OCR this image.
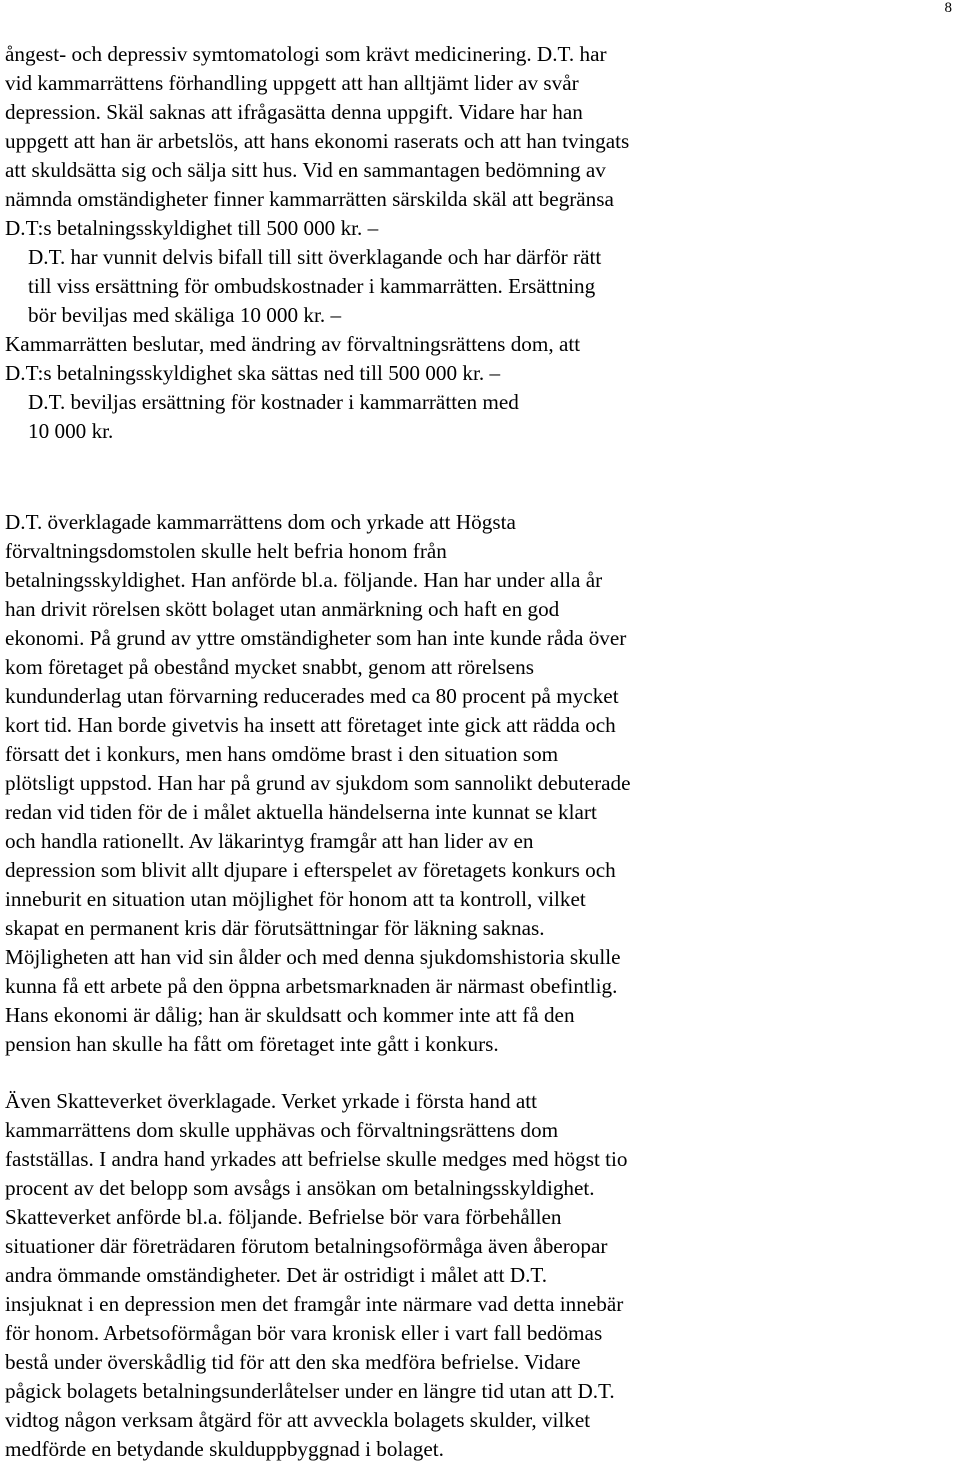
8
ångest- och depressiv symtomatologi som krävt medicinering. D.T. har
vid kammarrättens förhandling uppgett att han alltjämt lider av svår
depression. Skäl saknas att ifrågasätta denna uppgift. Vidare har han
uppgett att han är arbetslös, att hans ekonomi raserats och att han tvingats
att skuldsätta sig och sälja sitt hus. Vid en sammantagen bedömning av
nämnda omständigheter finner kammarrätten särskilda skäl att begränsa
D.T:s betalningsskyldighet till 500 000 kr. –
D.T. har vunnit delvis bifall till sitt överklagande och har därför rätt
till viss ersättning för ombudskostnader i kammarrätten. Ersättning
bör beviljas med skäliga 10 000 kr. –
Kammarrätten beslutar, med ändring av förvaltningsrättens dom, att
D.T:s betalningsskyldighet ska sättas ned till 500 000 kr. –
D.T. beviljas ersättning för kostnader i kammarrätten med
10 000 kr.
D.T. överklagade kammarrättens dom och yrkade att Högsta
förvaltningsdomstolen skulle helt befria honom från
betalningsskyldighet. Han anförde bl.a. följande. Han har under alla år
han drivit rörelsen skött bolaget utan anmärkning och haft en god
ekonomi. På grund av yttre omständigheter som han inte kunde råda över
kom företaget på obestånd mycket snabbt, genom att rörelsens
kundunderlag utan förvarning reducerades med ca 80 procent på mycket
kort tid. Han borde givetvis ha insett att företaget inte gick att rädda och
försatt det i konkurs, men hans omdöme brast i den situation som
plötsligt uppstod. Han har på grund av sjukdom som sannolikt debuterade
redan vid tiden för de i målet aktuella händelserna inte kunnat se klart
och handla rationellt. Av läkarintyg framgår att han lider av en
depression som blivit allt djupare i efterspelet av företagets konkurs och
inneburit en situation utan möjlighet för honom att ta kontroll, vilket
skapat en permanent kris där förutsättningar för läkning saknas.
Möjligheten att han vid sin ålder och med denna sjukdomshistoria skulle
kunna få ett arbete på den öppna arbetsmarknaden är närmast obefintlig.
Hans ekonomi är dålig; han är skuldsatt och kommer inte att få den
pension han skulle ha fått om företaget inte gått i konkurs.
Även Skatteverket överklagade. Verket yrkade i första hand att
kammarrättens dom skulle upphävas och förvaltningsrättens dom
fastställas. I andra hand yrkades att befrielse skulle medges med högst tio
procent av det belopp som avsågs i ansökan om betalningsskyldighet.
Skatteverket anförde bl.a. följande. Befrielse bör vara förbehållen
situationer där företrädaren förutom betalningsoförmåga även åberopar
andra ömmande omständigheter. Det är ostridigt i målet att D.T.
insjuknat i en depression men det framgår inte närmare vad detta innebär
för honom. Arbetsoförmågan bör vara kronisk eller i vart fall bedömas
bestå under överskådlig tid för att den ska medföra befrielse. Vidare
pågick bolagets betalningsunderlåtelser under en längre tid utan att D.T.
vidtog någon verksam åtgärd för att avveckla bolagets skulder, vilket
medförde en betydande skulduppbyggnad i bolaget.
